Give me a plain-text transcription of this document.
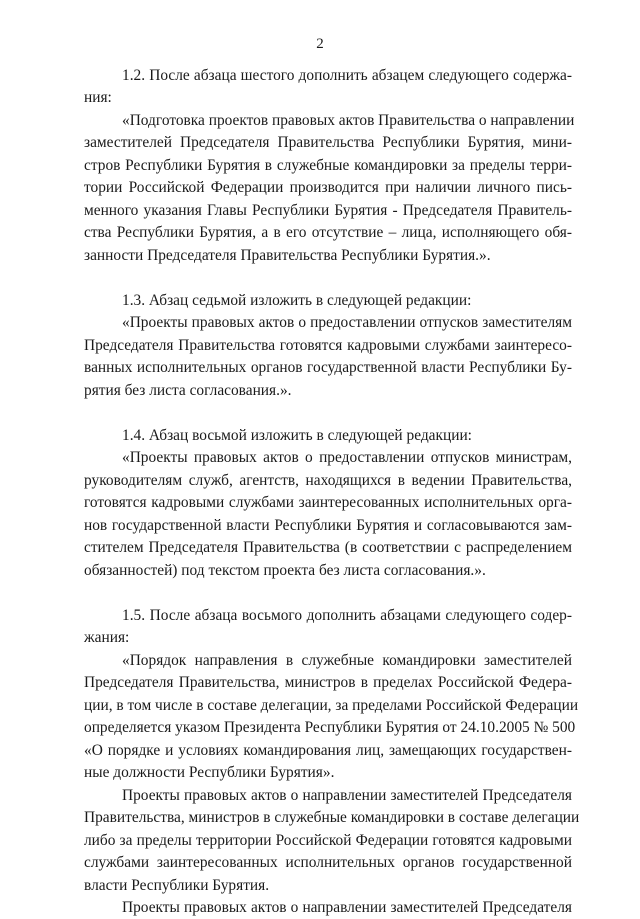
2
1.2. После абзаца шестого дополнить абзацем следующего содержа-
ния:
«Подготовка проектов правовых актов Правительства о направлении
заместителей Председателя Правительства Республики Бурятия, мини-
стров Республики Бурятия в служебные командировки за пределы терри-
тории Российской Федерации производится при наличии личного пись-
менного указания Главы Республики Бурятия - Председателя Правитель-
ства Республики Бурятия, а в его отсутствие – лица, исполняющего обя-
занности Председателя Правительства Республики Бурятия.».
1.3. Абзац седьмой изложить в следующей редакции:
«Проекты правовых актов о предоставлении отпусков заместителям
Председателя Правительства готовятся кадровыми службами заинтересо-
ванных исполнительных органов государственной власти Республики Бу-
рятия без листа согласования.».
1.4. Абзац восьмой изложить в следующей редакции:
«Проекты правовых актов о предоставлении отпусков министрам,
руководителям служб, агентств, находящихся в ведении Правительства,
готовятся кадровыми службами заинтересованных исполнительных орга-
нов государственной власти Республики Бурятия и согласовываются зам-
стителем Председателя Правительства (в соответствии с распределением
обязанностей) под текстом проекта без листа согласования.».
1.5. После абзаца восьмого дополнить абзацами следующего содер-
жания:
«Порядок направления в служебные командировки заместителей
Председателя Правительства, министров в пределах Российской Федера-
ции, в том числе в составе делегации, за пределами Российской Федерации
определяется указом Президента Республики Бурятия от 24.10.2005 № 500
«О порядке и условиях командирования лиц, замещающих государствен-
ные должности Республики Бурятия».
Проекты правовых актов о направлении заместителей Председателя
Правительства, министров в служебные командировки в составе делегации
либо за пределы территории Российской Федерации готовятся кадровыми
службами заинтересованных исполнительных органов государственной
власти Республики Бурятия.
Проекты правовых актов о направлении заместителей Председателя
